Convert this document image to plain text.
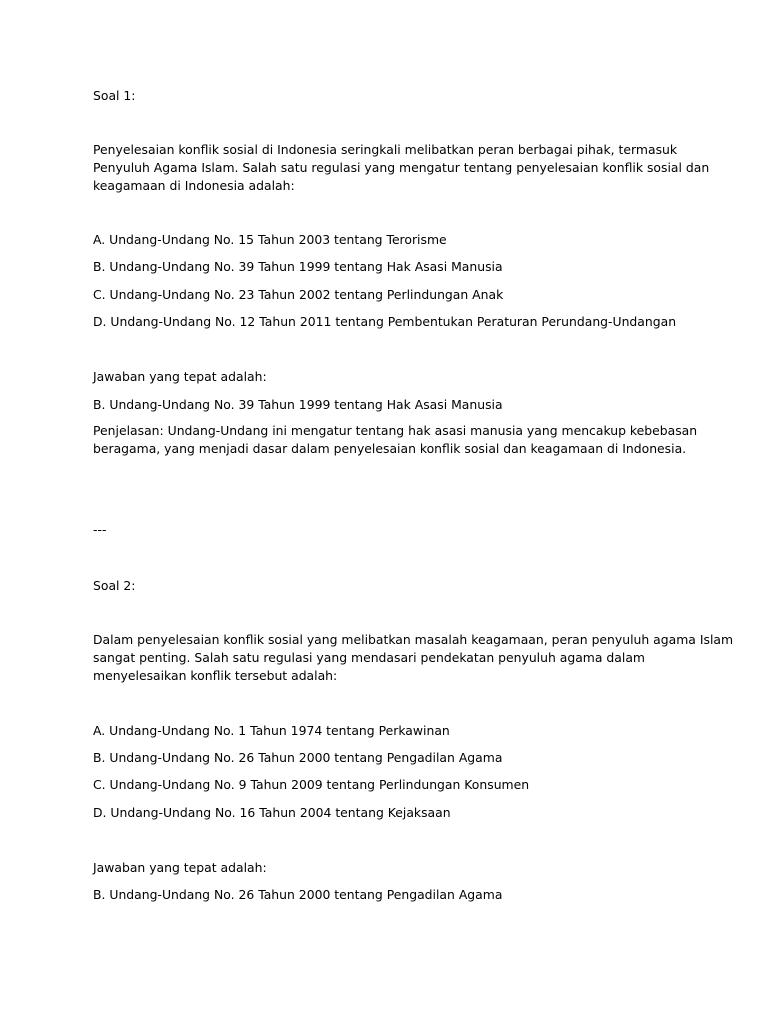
Soal 1:
Penyelesaian konflik sosial di Indonesia seringkali melibatkan peran berbagai pihak, termasuk
Penyuluh Agama Islam. Salah satu regulasi yang mengatur tentang penyelesaian konflik sosial dan
keagamaan di Indonesia adalah:
A. Undang-Undang No. 15 Tahun 2003 tentang Terorisme
B. Undang-Undang No. 39 Tahun 1999 tentang Hak Asasi Manusia
C. Undang-Undang No. 23 Tahun 2002 tentang Perlindungan Anak
D. Undang-Undang No. 12 Tahun 2011 tentang Pembentukan Peraturan Perundang-Undangan
Jawaban yang tepat adalah:
B. Undang-Undang No. 39 Tahun 1999 tentang Hak Asasi Manusia
Penjelasan: Undang-Undang ini mengatur tentang hak asasi manusia yang mencakup kebebasan
beragama, yang menjadi dasar dalam penyelesaian konflik sosial dan keagamaan di Indonesia.
---
Soal 2:
Dalam penyelesaian konflik sosial yang melibatkan masalah keagamaan, peran penyuluh agama Islam
sangat penting. Salah satu regulasi yang mendasari pendekatan penyuluh agama dalam
menyelesaikan konflik tersebut adalah:
A. Undang-Undang No. 1 Tahun 1974 tentang Perkawinan
B. Undang-Undang No. 26 Tahun 2000 tentang Pengadilan Agama
C. Undang-Undang No. 9 Tahun 2009 tentang Perlindungan Konsumen
D. Undang-Undang No. 16 Tahun 2004 tentang Kejaksaan
Jawaban yang tepat adalah:
B. Undang-Undang No. 26 Tahun 2000 tentang Pengadilan Agama
